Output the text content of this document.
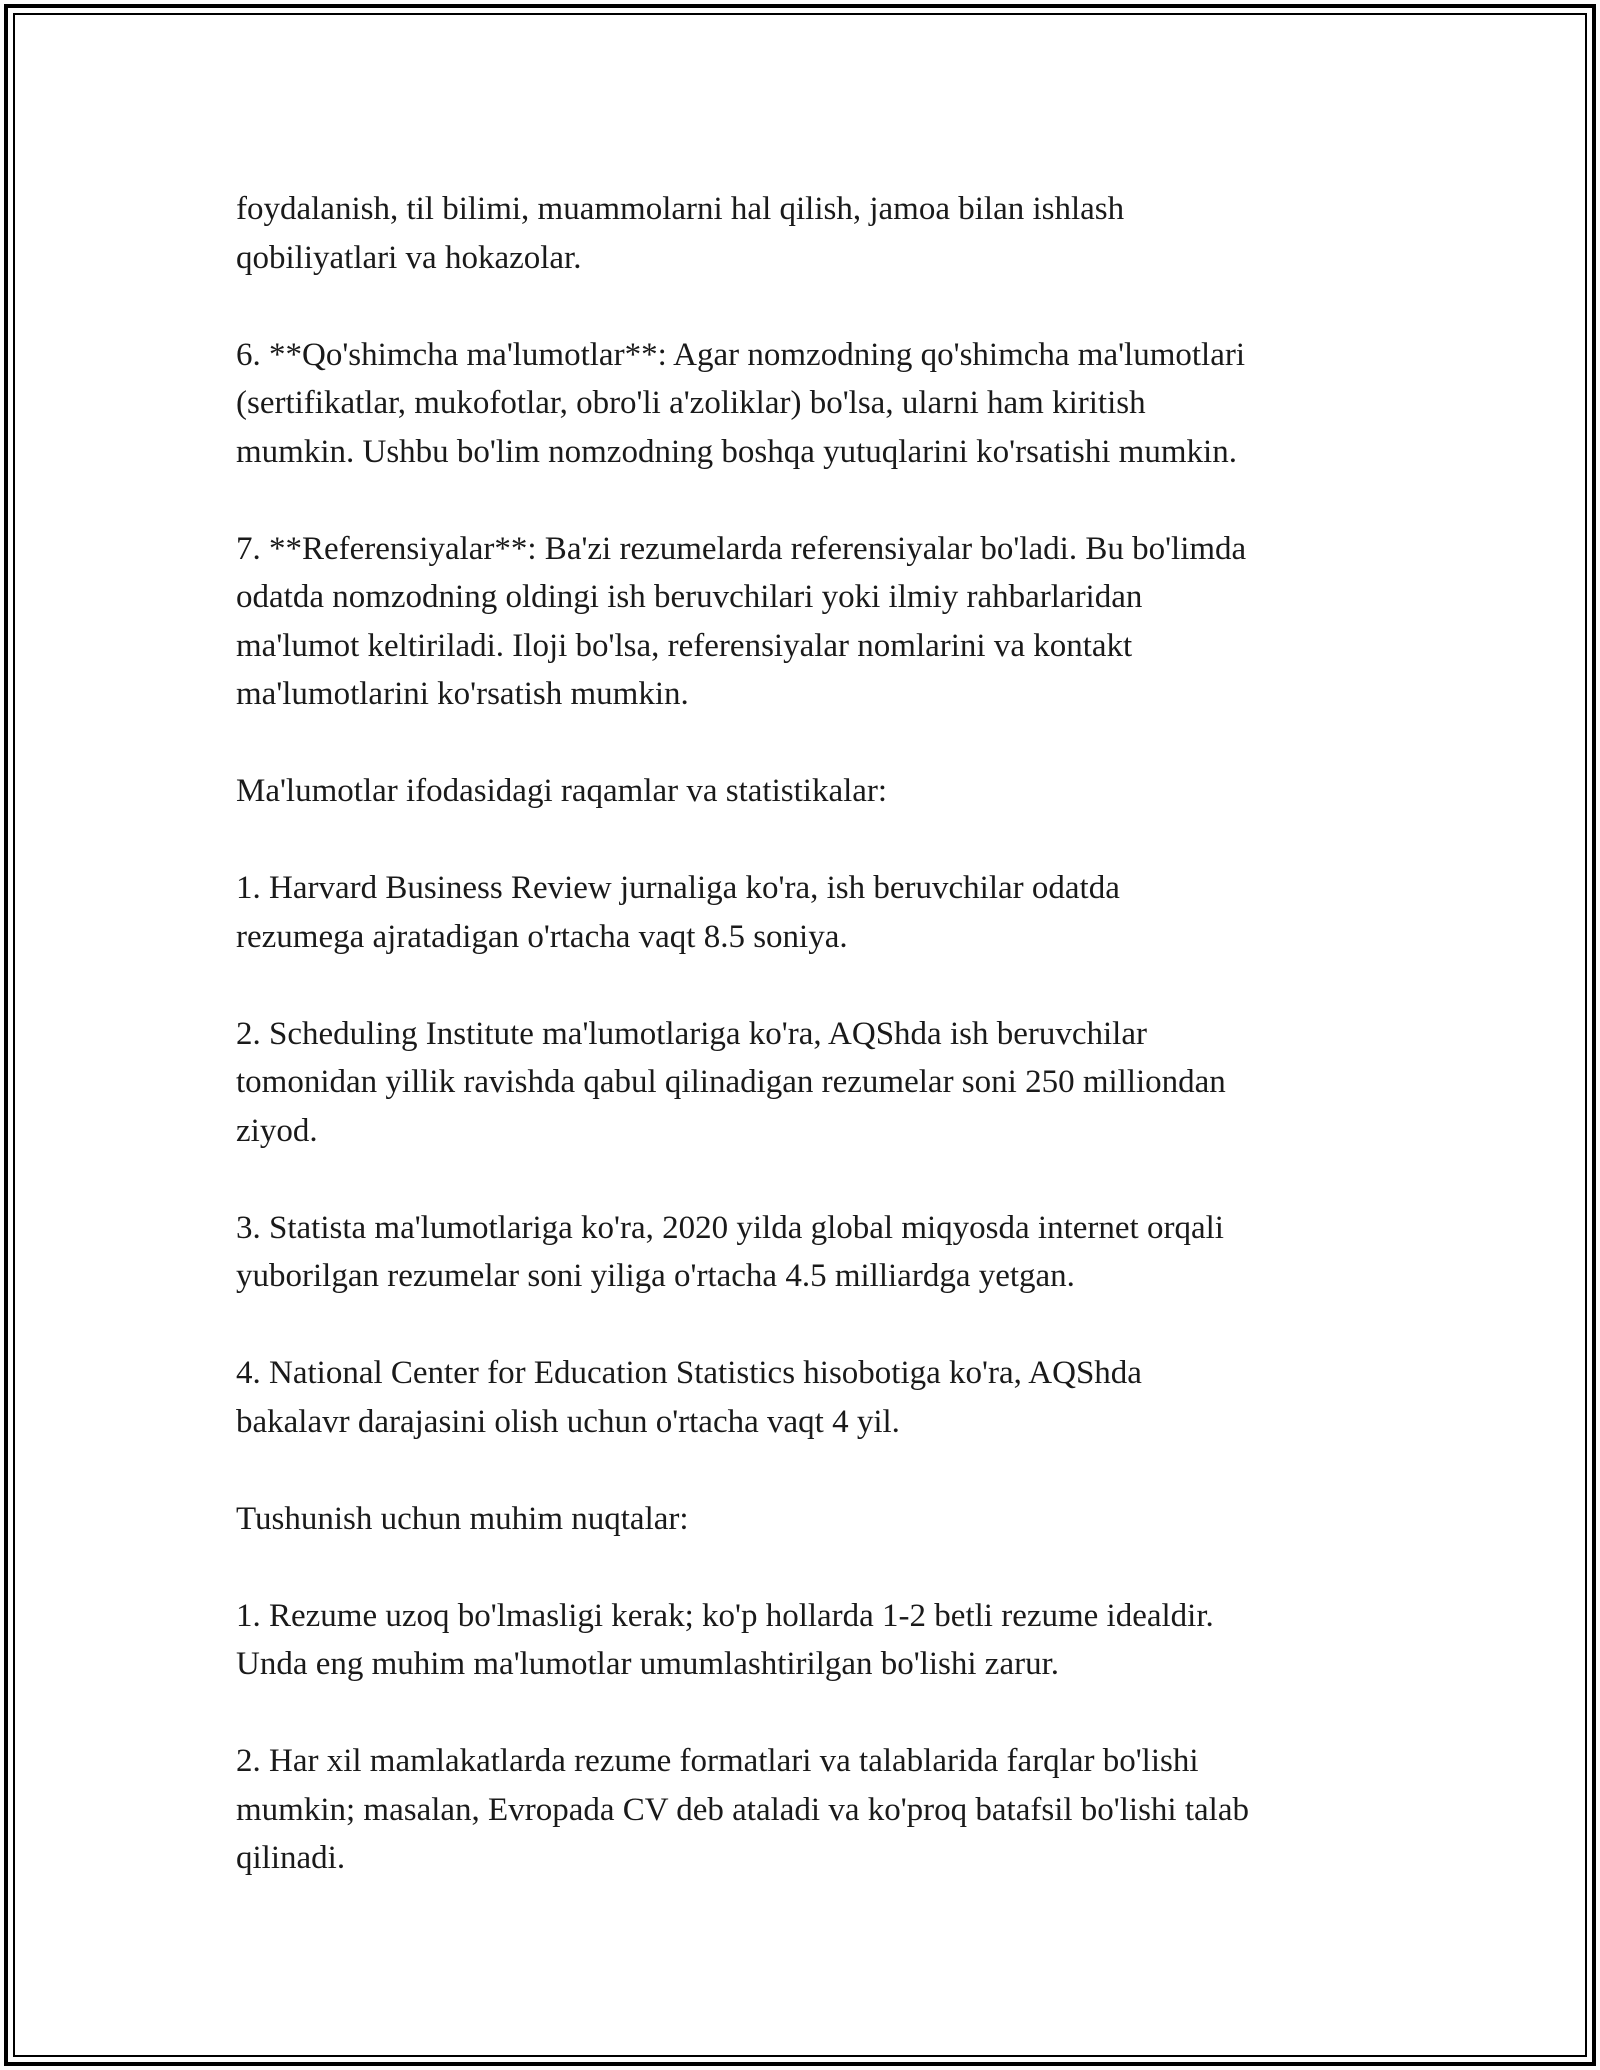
foydalanish, til bilimi, muammolarni hal qilish, jamoa bilan ishlash
qobiliyatlari va hokazolar.
6. **Qo'shimcha ma'lumotlar**: Agar nomzodning qo'shimcha ma'lumotlari
(sertifikatlar, mukofotlar, obro'li a'zoliklar) bo'lsa, ularni ham kiritish
mumkin. Ushbu bo'lim nomzodning boshqa yutuqlarini ko'rsatishi mumkin.
7. **Referensiyalar**: Ba'zi rezumelarda referensiyalar bo'ladi. Bu bo'limda
odatda nomzodning oldingi ish beruvchilari yoki ilmiy rahbarlaridan
ma'lumot keltiriladi. Iloji bo'lsa, referensiyalar nomlarini va kontakt
ma'lumotlarini ko'rsatish mumkin.
Ma'lumotlar ifodasidagi raqamlar va statistikalar:
1. Harvard Business Review jurnaliga ko'ra, ish beruvchilar odatda
rezumega ajratadigan o'rtacha vaqt 8.5 soniya.
2. Scheduling Institute ma'lumotlariga ko'ra, AQShda ish beruvchilar
tomonidan yillik ravishda qabul qilinadigan rezumelar soni 250 milliondan
ziyod.
3. Statista ma'lumotlariga ko'ra, 2020 yilda global miqyosda internet orqali
yuborilgan rezumelar soni yiliga o'rtacha 4.5 milliardga yetgan.
4. National Center for Education Statistics hisobotiga ko'ra, AQShda
bakalavr darajasini olish uchun o'rtacha vaqt 4 yil.
Tushunish uchun muhim nuqtalar:
1. Rezume uzoq bo'lmasligi kerak; ko'p hollarda 1-2 betli rezume idealdir.
Unda eng muhim ma'lumotlar umumlashtirilgan bo'lishi zarur.
2. Har xil mamlakatlarda rezume formatlari va talablarida farqlar bo'lishi
mumkin; masalan, Evropada CV deb ataladi va ko'proq batafsil bo'lishi talab
qilinadi.
